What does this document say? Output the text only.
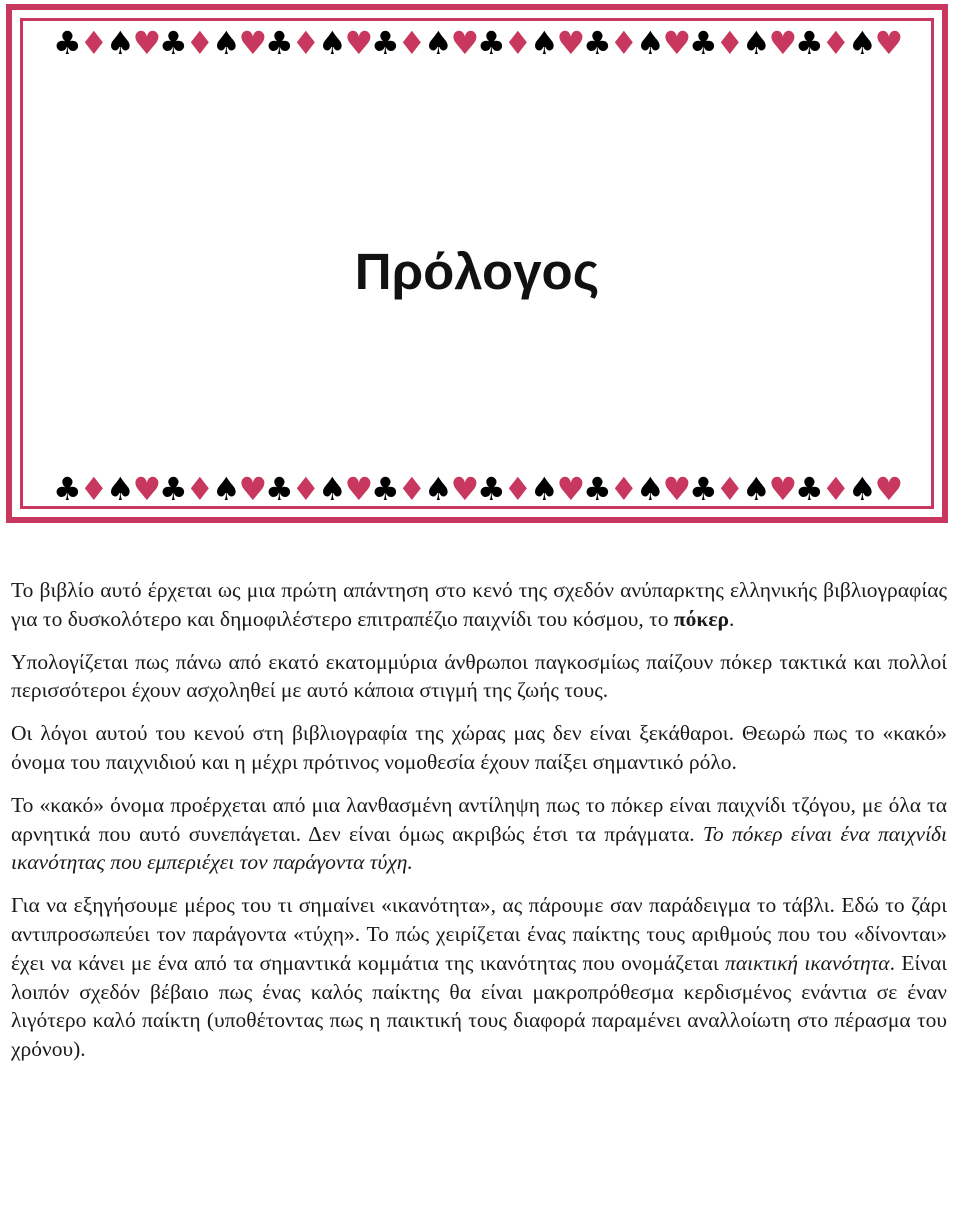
♣♦♠♥♣♦♠♥♣♦♠♥♣♦♠♥♣♦♠♥♣♦♠♥♣♦♠♥♣♦♠♥
Πρόλογος
♣♦♠♥♣♦♠♥♣♦♠♥♣♦♠♥♣♦♠♥♣♦♠♥♣♦♠♥♣♦♠♥

Το βιβλίο αυτό έρχεται ως μια πρώτη απάντηση στο κενό της σχεδόν ανύπαρκτης ελληνικής βιβλιογραφίας για το δυσκολότερο και δημοφιλέστερο επιτραπέζιο παιχνίδι του κόσμου, το πόκερ.

Υπολογίζεται πως πάνω από εκατό εκατομμύρια άνθρωποι παγκοσμίως παίζουν πόκερ τακτικά και πολλοί περισσότεροι έχουν ασχοληθεί με αυτό κάποια στιγμή της ζωής τους.

Οι λόγοι αυτού του κενού στη βιβλιογραφία της χώρας μας δεν είναι ξεκάθαροι. Θεωρώ πως το «κακό» όνομα του παιχνιδιού και η μέχρι πρότινος νομοθεσία έχουν παίξει σημαντικό ρόλο.

Το «κακό» όνομα προέρχεται από μια λανθασμένη αντίληψη πως το πόκερ είναι παιχνίδι τζόγου, με όλα τα αρνητικά που αυτό συνεπάγεται. Δεν είναι όμως ακριβώς έτσι τα πράγματα. Το πόκερ είναι ένα παιχνίδι ικανότητας που εμπεριέχει τον παράγοντα τύχη.

Για να εξηγήσουμε μέρος του τι σημαίνει «ικανότητα», ας πάρουμε σαν παράδειγμα το τάβλι. Εδώ το ζάρι αντιπροσωπεύει τον παράγοντα «τύχη». Το πώς χειρίζεται ένας παίκτης τους αριθμούς που του «δίνονται» έχει να κάνει με ένα από τα σημαντικά κομμάτια της ικανότητας που ονομάζεται παικτική ικανότητα. Είναι λοιπόν σχεδόν βέβαιο πως ένας καλός παίκτης θα είναι μακροπρόθεσμα κερδισμένος ενάντια σε έναν λιγότερο καλό παίκτη (υποθέτοντας πως η παικτική τους διαφορά παραμένει αναλλοίωτη στο πέρασμα του χρόνου).
